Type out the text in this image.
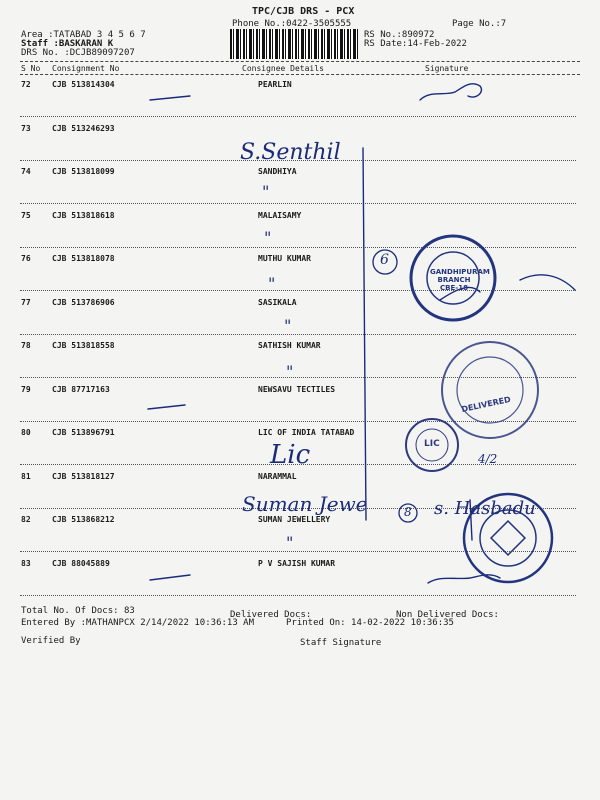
TPC/CJB DRS - PCX
Phone No.:0422-3505555	Page No.:7
Area :TATABAD 3 4 5 6 7
Staff :BASKARAN K
DRS No. :DCJB89097207
RS No.:890972
RS Date:14-Feb-2022
S No Consignment No	Consignee Details	Signature
72	CJB 513814304	PEARLIN
73	CJB 513246293
74	CJB 513818099	SANDHIYA
75	CJB 513818618	MALAISAMY
76	CJB 513818078	MUTHU KUMAR
77	CJB 513786906	SASIKALA
78	CJB 513818558	SATHISH KUMAR
79	CJB 87717163	NEWSAVU TECTILES
80	CJB 513896791	LIC OF INDIA TATABAD
81	CJB 513818127	NARAMMAL
82	CJB 513868212	SUMAN JEWELLERY
83	CJB 88045889	P V SAJISH KUMAR
GANDHIPURAM BRANCH CBE-18
DELIVERED
LIC
S.Senthil
"
"
"
"
"
Lic
Suman Jewe
6
8
"
4/2
s. Hasbadu
Total No. Of Docs: 83	Delivered Docs:	Non Delivered Docs:
Entered By :MATHANPCX 2/14/2022 10:36:13 AM	Printed On: 14-02-2022 10:36:35
Verified By	Staff Signature
